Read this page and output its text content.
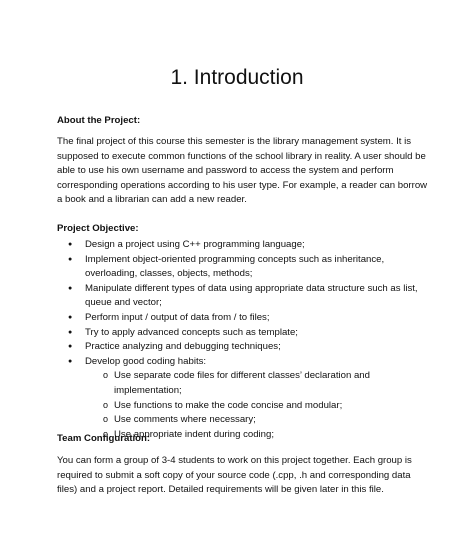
1. Introduction

About the Project:

The final project of this course this semester is the library management system. It is supposed to execute common functions of the school library in reality. A user should be able to use his own username and password to access the system and perform corresponding operations according to his user type. For example, a reader can borrow a book and a librarian can add a new reader.

Project Objective:

● Design a project using C++ programming language;
● Implement object-oriented programming concepts such as inheritance, overloading, classes, objects, methods;
● Manipulate different types of data using appropriate data structure such as list, queue and vector;
● Perform input / output of data from / to files;
● Try to apply advanced concepts such as template;
● Practice analyzing and debugging techniques;
● Develop good coding habits:
o Use separate code files for different classes’ declaration and implementation;
o Use functions to make the code concise and modular;
o Use comments where necessary;
o Use appropriate indent during coding;

Team Configuration:

You can form a group of 3-4 students to work on this project together. Each group is required to submit a soft copy of your source code (.cpp, .h and corresponding data files) and a project report. Detailed requirements will be given later in this file.
